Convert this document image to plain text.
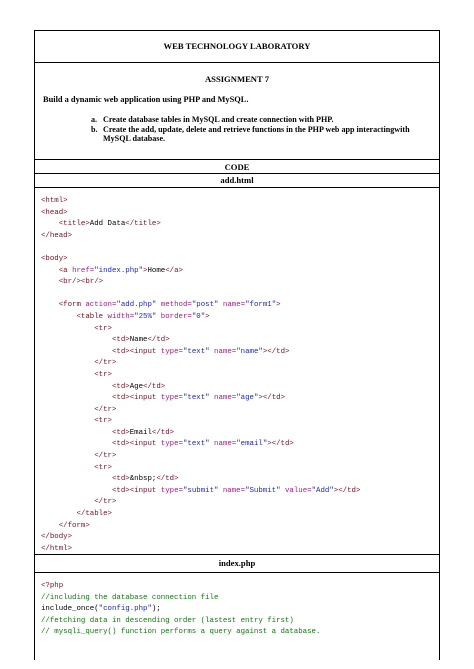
WEB TECHNOLOGY LABORATORY
ASSIGNMENT 7
Build a dynamic web application using PHP and MySQL.
a. Create database tables in MySQL and create connection with PHP.
b. Create the add, update, delete and retrieve functions in the PHP web app interactingwith MySQL database.
CODE
add.html
<html>
<head>
<title>Add Data</title>
</head>
<body>
<a href="index.php">Home</a>
<br/><br/>
<form action="add.php" method="post" name="form1">
<table width="25%" border="0">
<tr>
<td>Name</td>
<td><input type="text" name="name"></td>
</tr>
<tr>
<td>Age</td>
<td><input type="text" name="age"></td>
</tr>
<tr>
<td>Email</td>
<td><input type="text" name="email"></td>
</tr>
<tr>
<td>&nbsp;</td>
<td><input type="submit" name="Submit" value="Add"></td>
</tr>
</table>
</form>
</body>
</html>
index.php
<?php
//including the database connection file
include_once("config.php");
//fetching data in descending order (lastest entry first)
// mysqli_query() function performs a query against a database.
